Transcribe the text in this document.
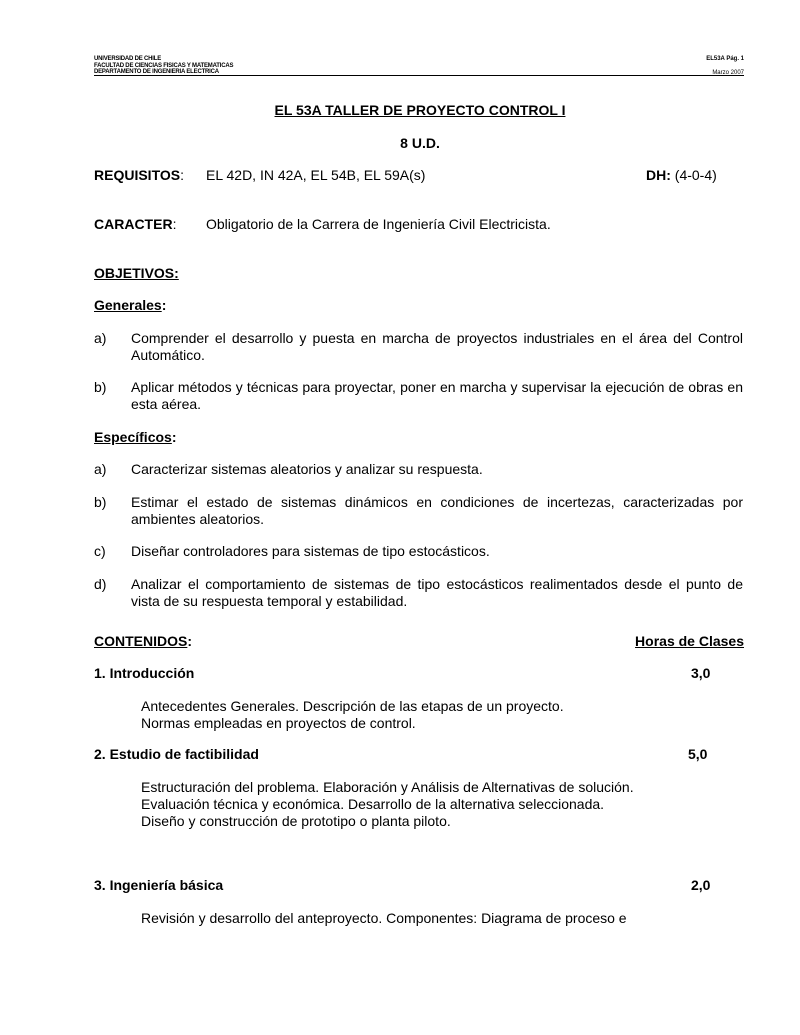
UNIVERSIDAD DE CHILE
FACULTAD DE CIENCIAS FISICAS Y MATEMATICAS
DEPARTAMENTO DE INGENIERIA ELECTRICA
EL53A Pág. 1
Marzo 2007
EL 53A TALLER DE PROYECTO CONTROL I
8 U.D.
REQUISITOS: EL 42D, IN 42A, EL 54B, EL 59A(s)	DH: (4-0-4)
CARACTER: Obligatorio de la Carrera de Ingeniería Civil Electricista.
OBJETIVOS:
Generales:
a) Comprender el desarrollo y puesta en marcha de proyectos industriales en el área del Control Automático.
b) Aplicar métodos y técnicas para proyectar, poner en marcha y supervisar la ejecución de obras en esta aérea.
Específicos:
a) Caracterizar sistemas aleatorios y analizar su respuesta.
b) Estimar el estado de sistemas dinámicos en condiciones de incertezas, caracterizadas por ambientes aleatorios.
c) Diseñar controladores para sistemas de tipo estocásticos.
d) Analizar el comportamiento de sistemas de tipo estocásticos realimentados desde el punto de vista de su respuesta temporal y estabilidad.
CONTENIDOS:	Horas de Clases
1. Introducción	3,0
Antecedentes Generales. Descripción de las etapas de un proyecto.
Normas empleadas en proyectos de control.
2. Estudio de factibilidad	5,0
Estructuración del problema. Elaboración y Análisis de Alternativas de solución.
Evaluación técnica y económica. Desarrollo de la alternativa seleccionada.
Diseño y construcción de prototipo o planta piloto.
3. Ingeniería básica	2,0
Revisión y desarrollo del anteproyecto. Componentes: Diagrama de proceso e
